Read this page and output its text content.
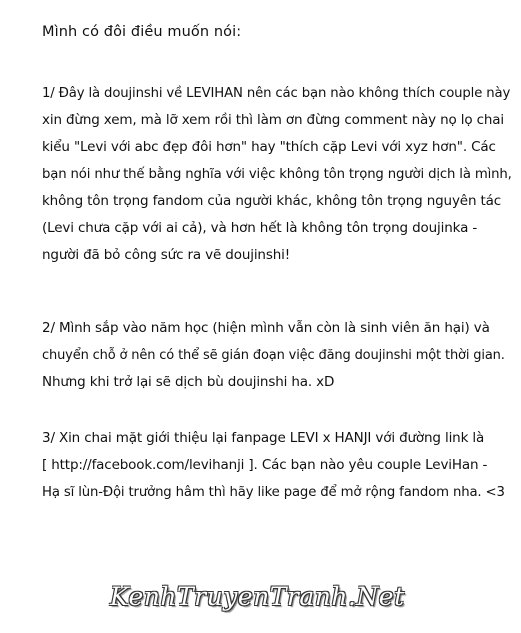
Mình có đôi điều muốn nói:
1/ Đây là doujinshi về LEVIHAN nên các bạn nào không thích couple này
xin đừng xem, mà lỡ xem rồi thì làm ơn đừng comment này nọ lọ chai
kiểu "Levi với abc đẹp đôi hơn" hay "thích cặp Levi với xyz hơn". Các
bạn nói như thế bằng nghĩa với việc không tôn trọng người dịch là mình,
không tôn trọng fandom của người khác, không tôn trọng nguyên tác
(Levi chưa cặp với ai cả), và hơn hết là không tôn trọng doujinka -
người đã bỏ công sức ra vẽ doujinshi!
2/ Mình sắp vào năm học (hiện mình vẫn còn là sinh viên ăn hại) và
chuyển chỗ ở nên có thể sẽ gián đoạn việc đăng doujinshi một thời gian.
Nhưng khi trở lại sẽ dịch bù doujinshi ha. xD
3/ Xin chai mặt giới thiệu lại fanpage LEVI x HANJI với đường link là
[ http://facebook.com/levihanji ]. Các bạn nào yêu couple LeviHan -
Hạ sĩ lùn-Đội trưởng hâm thì hãy like page để mở rộng fandom nha. <3
KenhTruyenTranh.Net
